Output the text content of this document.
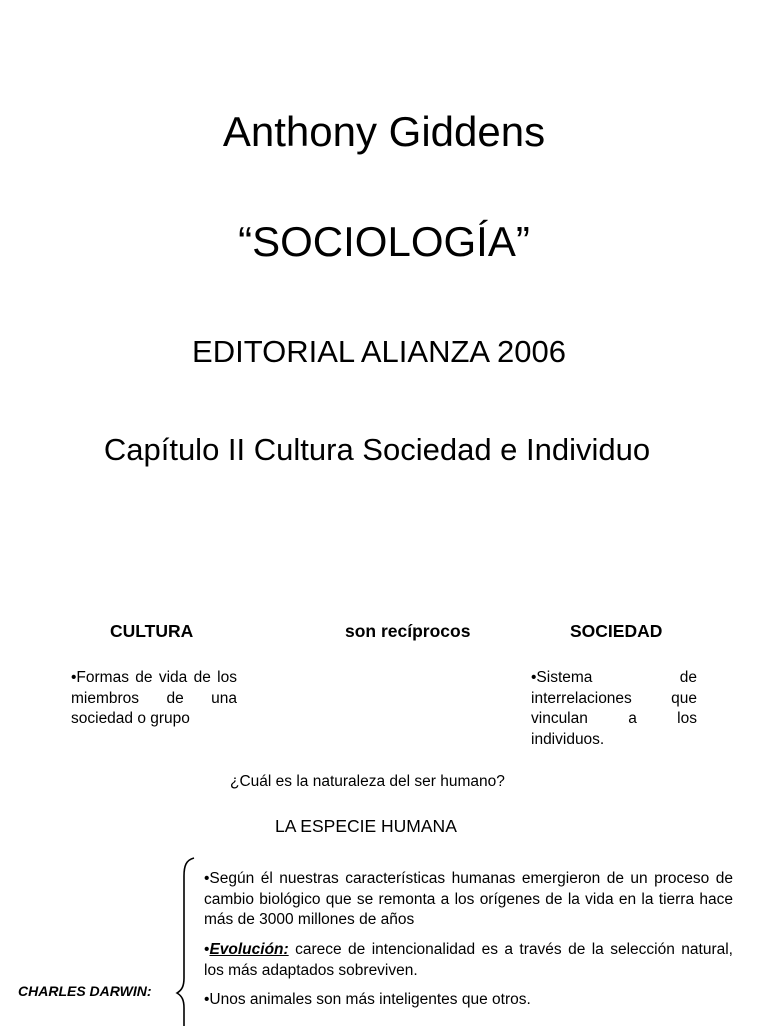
Anthony Giddens
“SOCIOLOGÍA”
EDITORIAL ALIANZA 2006
Capítulo II Cultura Sociedad e Individuo
CULTURA	son recíprocos	SOCIEDAD
•Formas de vida de los miembros de una sociedad o grupo
•Sistema de interrelaciones que vinculan a los individuos.
¿Cuál es la naturaleza del ser humano?
LA ESPECIE HUMANA
CHARLES DARWIN:
•Según él nuestras características humanas emergieron de un proceso de cambio biológico que se remonta a los orígenes de la vida en la tierra hace más de 3000 millones de años
•Evolución: carece de intencionalidad es a través de la selección natural, los más adaptados sobreviven.
•Unos animales son más inteligentes que otros.
